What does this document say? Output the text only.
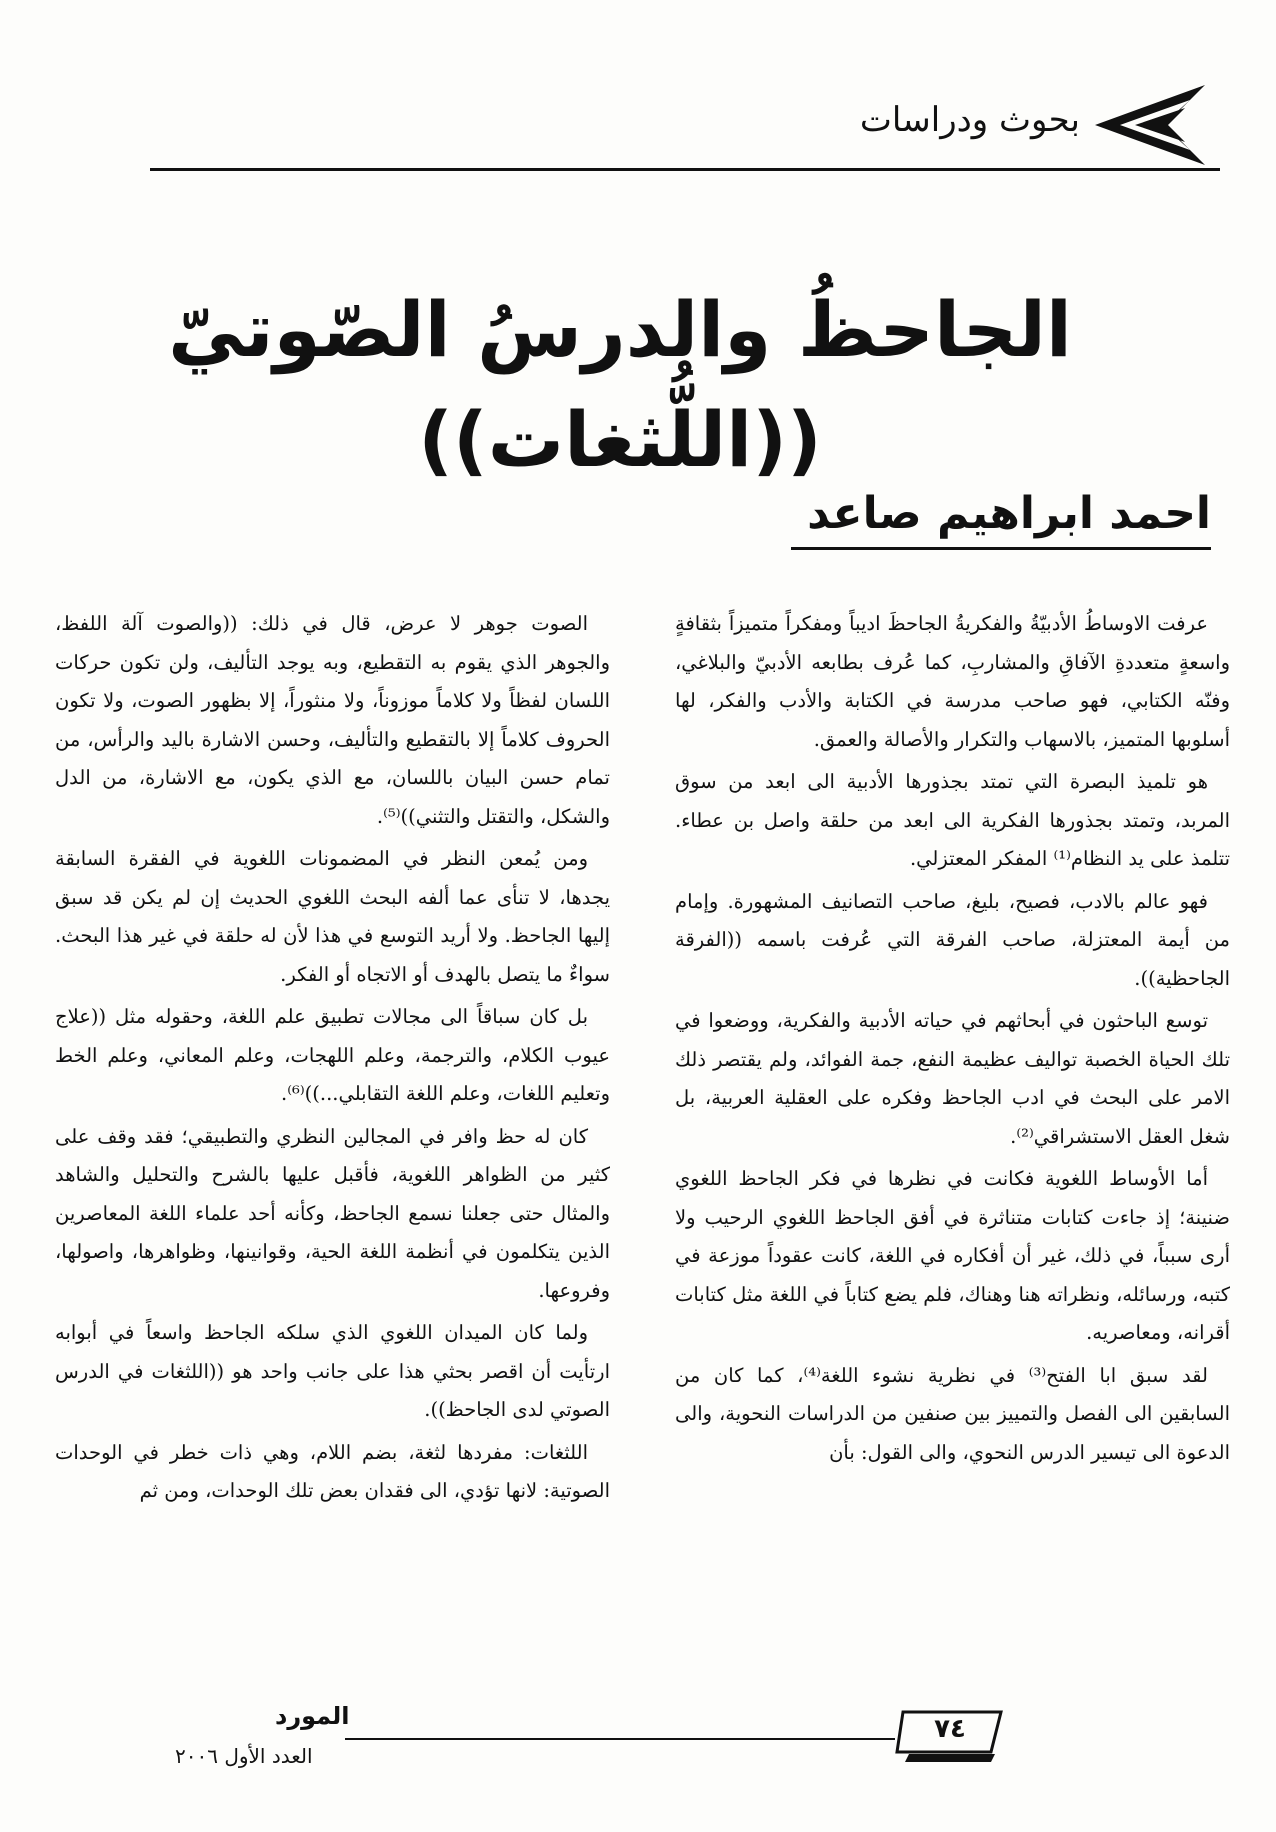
بحوث ودراسات
الجاحظُ والدرسُ الصّوتيّ ((اللُّثغات))
احمد ابراهيم صاعد

عرفت الاوساطُ الأدبيّةُ والفكريةُ الجاحظَ اديباً ومفكراً متميزاً بثقافةٍ واسعةٍ متعددةِ الآفاقِ والمشاربِ، كما عُرف بطابعه الأدبيّ والبلاغي، وفنّه الكتابي، فهو صاحب مدرسة في الكتابة والأدب والفكر، لها أسلوبها المتميز، بالاسهاب والتكرار والأصالة والعمق.

هو تلميذ البصرة التي تمتد بجذورها الأدبية الى ابعد من سوق المربد، وتمتد بجذورها الفكرية الى ابعد من حلقة واصل بن عطاء. تتلمذ على يد النظام⁽¹⁾ المفكر المعتزلي.

فهو عالم بالادب، فصيح، بليغ، صاحب التصانيف المشهورة. وإمام من أيمة المعتزلة، صاحب الفرقة التي عُرفت باسمه ((الفرقة الجاحظية)).

توسع الباحثون في أبحاثهم في حياته الأدبية والفكرية، ووضعوا في تلك الحياة الخصبة تواليف عظيمة النفع، جمة الفوائد، ولم يقتصر ذلك الامر على البحث في ادب الجاحظ وفكره على العقلية العربية، بل شغل العقل الاستشراقي⁽²⁾.

أما الأوساط اللغوية فكانت في نظرها في فكر الجاحظ اللغوي ضنينة؛ إذ جاءت كتابات متناثرة في أفق الجاحظ اللغوي الرحيب ولا أرى سبباً، في ذلك، غير أن أفكاره في اللغة، كانت عقوداً موزعة في كتبه، ورسائله، ونظراته هنا وهناك، فلم يضع كتاباً في اللغة مثل كتابات أقرانه، ومعاصريه.

لقد سبق ابا الفتح⁽³⁾ في نظرية نشوء اللغة⁽⁴⁾، كما كان من السابقين الى الفصل والتمييز بين صنفين من الدراسات النحوية، والى الدعوة الى تيسير الدرس النحوي، والى القول: بأن

الصوت جوهر لا عرض، قال في ذلك: ((والصوت آلة اللفظ، والجوهر الذي يقوم به التقطيع، وبه يوجد التأليف، ولن تكون حركات اللسان لفظاً ولا كلاماً موزوناً، ولا منثوراً، إلا بظهور الصوت، ولا تكون الحروف كلاماً إلا بالتقطيع والتأليف، وحسن الاشارة باليد والرأس، من تمام حسن البيان باللسان، مع الذي يكون، مع الاشارة، من الدل والشكل، والتقتل والتثني))⁽⁵⁾.

ومن يُمعن النظر في المضمونات اللغوية في الفقرة السابقة يجدها، لا تنأى عما ألفه البحث اللغوي الحديث إن لم يكن قد سبق إليها الجاحظ. ولا أريد التوسع في هذا لأن له حلقة في غير هذا البحث. سواءٌ ما يتصل بالهدف أو الاتجاه أو الفكر.

بل كان سباقاً الى مجالات تطبيق علم اللغة، وحقوله مثل ((علاج عيوب الكلام، والترجمة، وعلم اللهجات، وعلم المعاني، وعلم الخط وتعليم اللغات، وعلم اللغة التقابلي...))⁽⁶⁾.

كان له حظ وافر في المجالين النظري والتطبيقي؛ فقد وقف على كثير من الظواهر اللغوية، فأقبل عليها بالشرح والتحليل والشاهد والمثال حتى جعلنا نسمع الجاحظ، وكأنه أحد علماء اللغة المعاصرين الذين يتكلمون في أنظمة اللغة الحية، وقوانينها، وظواهرها، واصولها، وفروعها.

ولما كان الميدان اللغوي الذي سلكه الجاحظ واسعاً في أبوابه ارتأيت أن اقصر بحثي هذا على جانب واحد هو ((اللثغات في الدرس الصوتي لدى الجاحظ)).

اللثغات: مفردها لثغة، بضم اللام، وهي ذات خطر في الوحدات الصوتية: لانها تؤدي، الى فقدان بعض تلك الوحدات، ومن ثم

٧٤
المورد
العدد الأول ٢٠٠٦
